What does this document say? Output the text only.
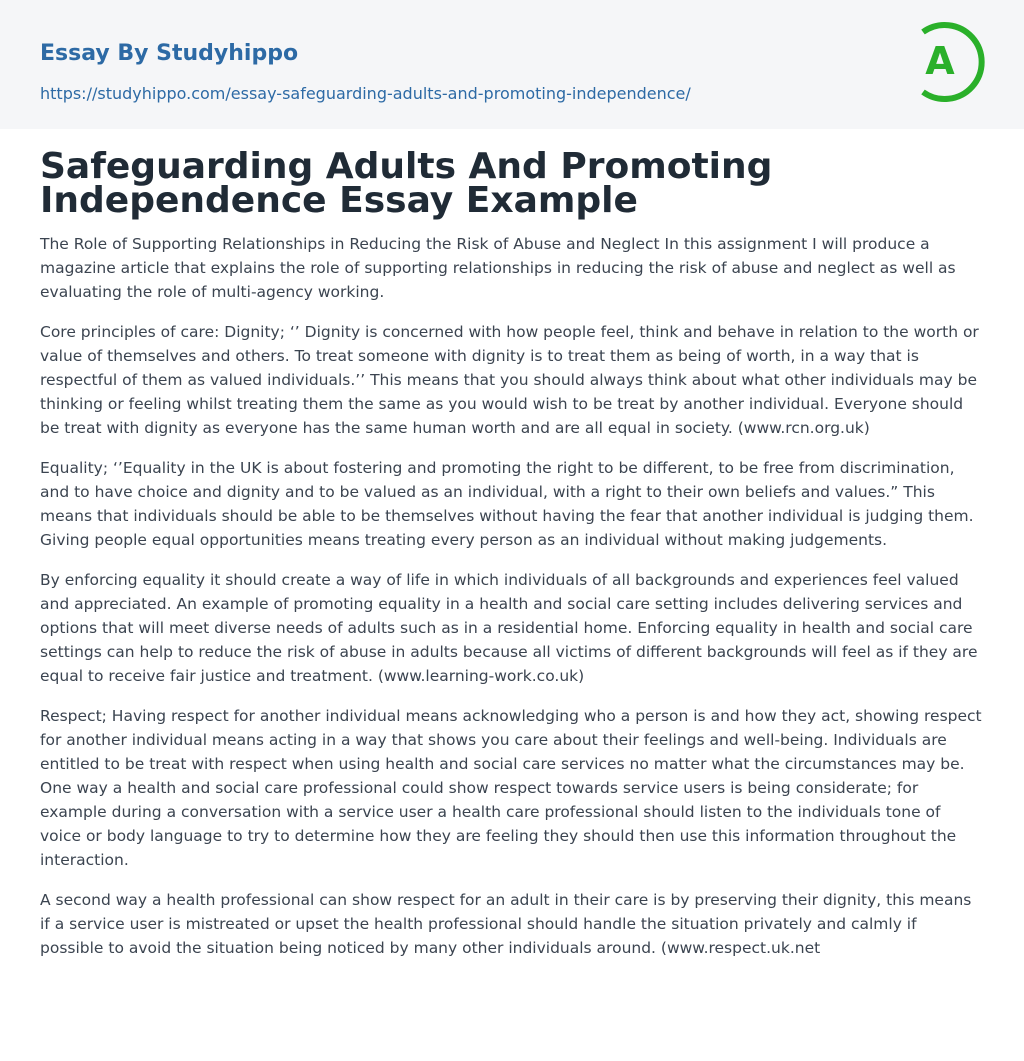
Essay By Studyhippo
https://studyhippo.com/essay-safeguarding-adults-and-promoting-independence/
A
Safeguarding Adults And Promoting Independence Essay Example

The Role of Supporting Relationships in Reducing the Risk of Abuse and Neglect In this assignment I will produce a magazine article that explains the role of supporting relationships in reducing the risk of abuse and neglect as well as evaluating the role of multi-agency working.

Core principles of care: Dignity; ‘’ Dignity is concerned with how people feel, think and behave in relation to the worth or value of themselves and others. To treat someone with dignity is to treat them as being of worth, in a way that is respectful of them as valued individuals.’’ This means that you should always think about what other individuals may be thinking or feeling whilst treating them the same as you would wish to be treat by another individual. Everyone should be treat with dignity as everyone has the same human worth and are all equal in society. (www.rcn.org.uk)

Equality; ‘’Equality in the UK is about fostering and promoting the right to be different, to be free from discrimination, and to have choice and dignity and to be valued as an individual, with a right to their own beliefs and values.” This means that individuals should be able to be themselves without having the fear that another individual is judging them. Giving people equal opportunities means treating every person as an individual without making judgements.

By enforcing equality it should create a way of life in which individuals of all backgrounds and experiences feel valued and appreciated. An example of promoting equality in a health and social care setting includes delivering services and options that will meet diverse needs of adults such as in a residential home. Enforcing equality in health and social care settings can help to reduce the risk of abuse in adults because all victims of different backgrounds will feel as if they are equal to receive fair justice and treatment. (www.learning-work.co.uk)

Respect; Having respect for another individual means acknowledging who a person is and how they act, showing respect for another individual means acting in a way that shows you care about their feelings and well-being. Individuals are entitled to be treat with respect when using health and social care services no matter what the circumstances may be. One way a health and social care professional could show respect towards service users is being considerate; for example during a conversation with a service user a health care professional should listen to the individuals tone of voice or body language to try to determine how they are feeling they should then use this information throughout the interaction.

A second way a health professional can show respect for an adult in their care is by preserving their dignity, this means if a service user is mistreated or upset the health professional should handle the situation privately and calmly if possible to avoid the situation being noticed by many other individuals around. (www.respect.uk.net
